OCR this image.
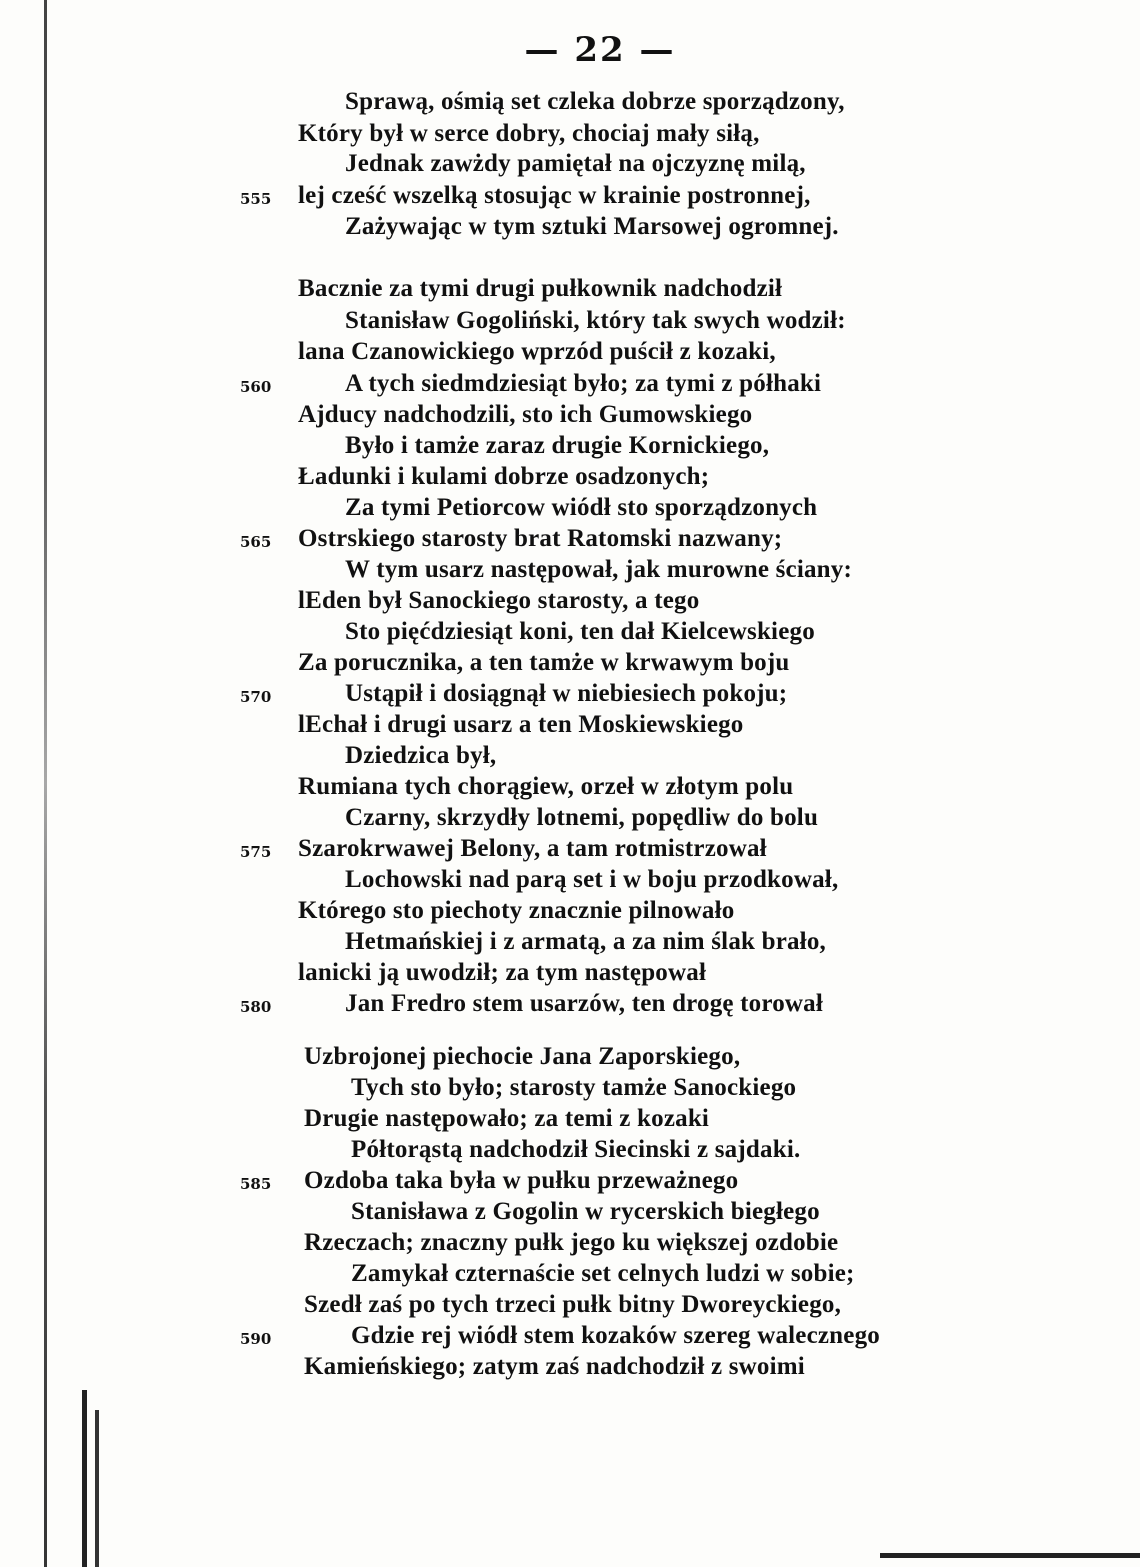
— 22 —
Sprawą, ośmią set czleka dobrze sporządzony,
Który był w serce dobry, chociaj mały siłą,
Jednak zawżdy pamiętał na ojczyznę milą,
lej cześć wszelką stosując w krainie postronnej,
555
Zażywając w tym sztuki Marsowej ogromnej.
Bacznie za tymi drugi pułkownik nadchodził
Stanisław Gogoliński, który tak swych wodził:
lana Czanowickiego wprzód puścił z kozaki,
A tych siedmdziesiąt było; za tymi z półhaki
560
Ajducy nadchodzili, sto ich Gumowskiego
Było i tamże zaraz drugie Kornickiego,
Ładunki i kulami dobrze osadzonych;
Za tymi Petiorcow wiódł sto sporządzonych
Ostrskiego starosty brat Ratomski nazwany;
565
W tym usarz następował, jak murowne ściany:
lEden był Sanockiego starosty, a tego
Sto pięćdziesiąt koni, ten dał Kielcewskiego
Za porucznika, a ten tamże w krwawym boju
Ustąpił i dosiągnął w niebiesiech pokoju;
570
lEchał i drugi usarz a ten Moskiewskiego
Dziedzica był,
Rumiana tych chorągiew, orzeł w złotym polu
Czarny, skrzydły lotnemi, popędliw do bolu
Szarokrwawej Belony, a tam rotmistrzował
575
Lochowski nad parą set i w boju przodkował,
Którego sto piechoty znacznie pilnowało
Hetmańskiej i z armatą, a za nim ślak brało,
lanicki ją uwodził; za tym następował
Jan Fredro stem usarzów, ten drogę torował
580
Uzbrojonej piechocie Jana Zaporskiego,
Tych sto było; starosty tamże Sanockiego
Drugie następowało; za temi z kozaki
Półtorąstą nadchodził Siecinski z sajdaki.
Ozdoba taka była w pułku przeważnego
585
Stanisława z Gogolin w rycerskich biegłego
Rzeczach; znaczny pułk jego ku większej ozdobie
Zamykał czternaście set celnych ludzi w sobie;
Szedł zaś po tych trzeci pułk bitny Dworeyckiego,
Gdzie rej wiódł stem kozaków szereg walecznego
590
Kamieńskiego; zatym zaś nadchodził z swoimi
